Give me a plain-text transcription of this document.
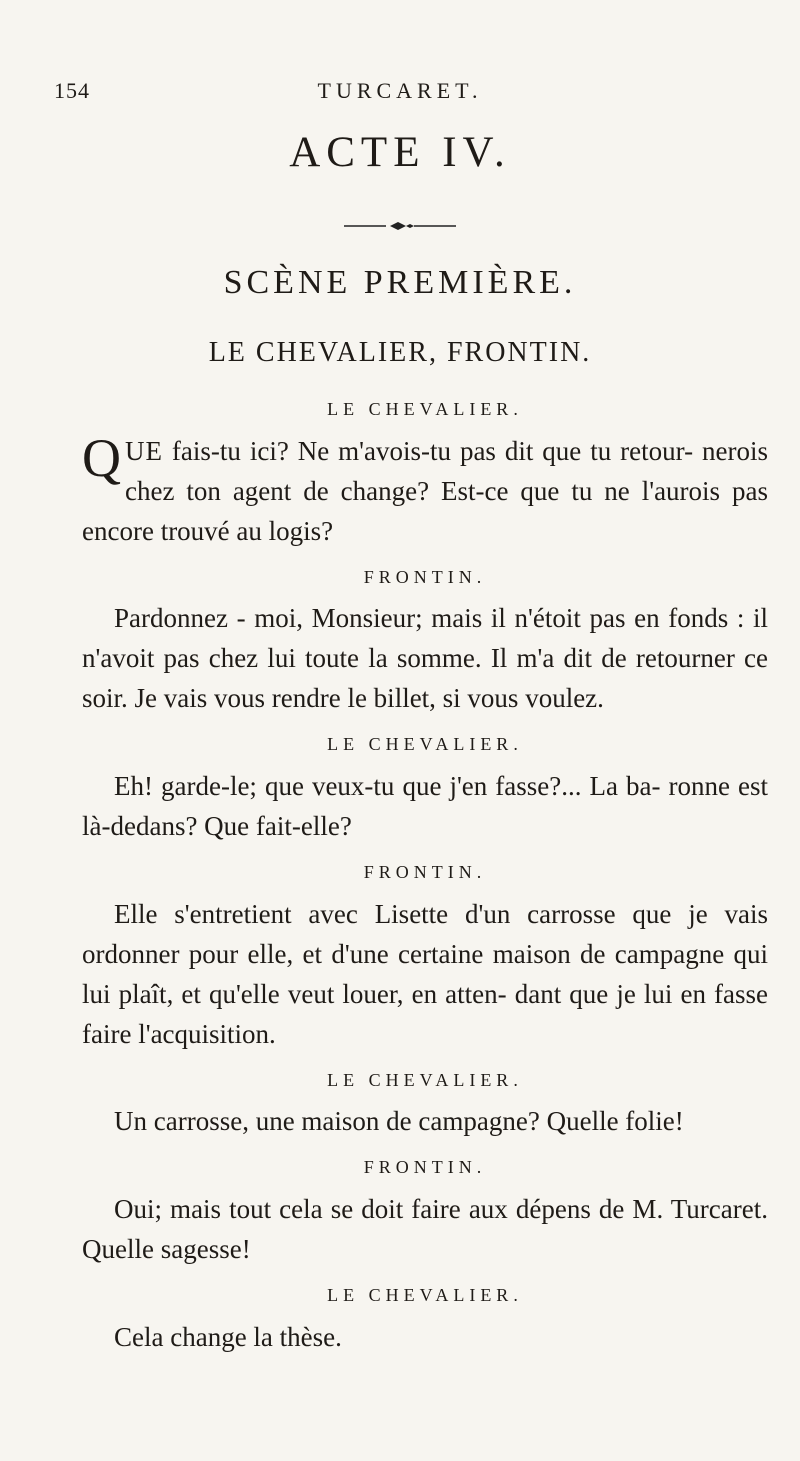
154	TURCARET.
ACTE IV.
SCÈNE PREMIÈRE.
LE CHEVALIER, FRONTIN.
LE CHEVALIER.

QUE fais-tu ici? Ne m'avois-tu pas dit que tu retour- nerois chez ton agent de change? Est-ce que tu ne l'aurois pas encore trouvé au logis?

FRONTIN.

Pardonnez - moi, Monsieur; mais il n'étoit pas en fonds : il n'avoit pas chez lui toute la somme. Il m'a dit de retourner ce soir. Je vais vous rendre le billet, si vous voulez.

LE CHEVALIER.

Eh! garde-le; que veux-tu que j'en fasse?... La ba- ronne est là-dedans? Que fait-elle?

FRONTIN.

Elle s'entretient avec Lisette d'un carrosse que je vais ordonner pour elle, et d'une certaine maison de campagne qui lui plaît, et qu'elle veut louer, en atten- dant que je lui en fasse faire l'acquisition.

LE CHEVALIER.

Un carrosse, une maison de campagne? Quelle folie!

FRONTIN.

Oui; mais tout cela se doit faire aux dépens de M. Turcaret. Quelle sagesse!

LE CHEVALIER.

Cela change la thèse.
